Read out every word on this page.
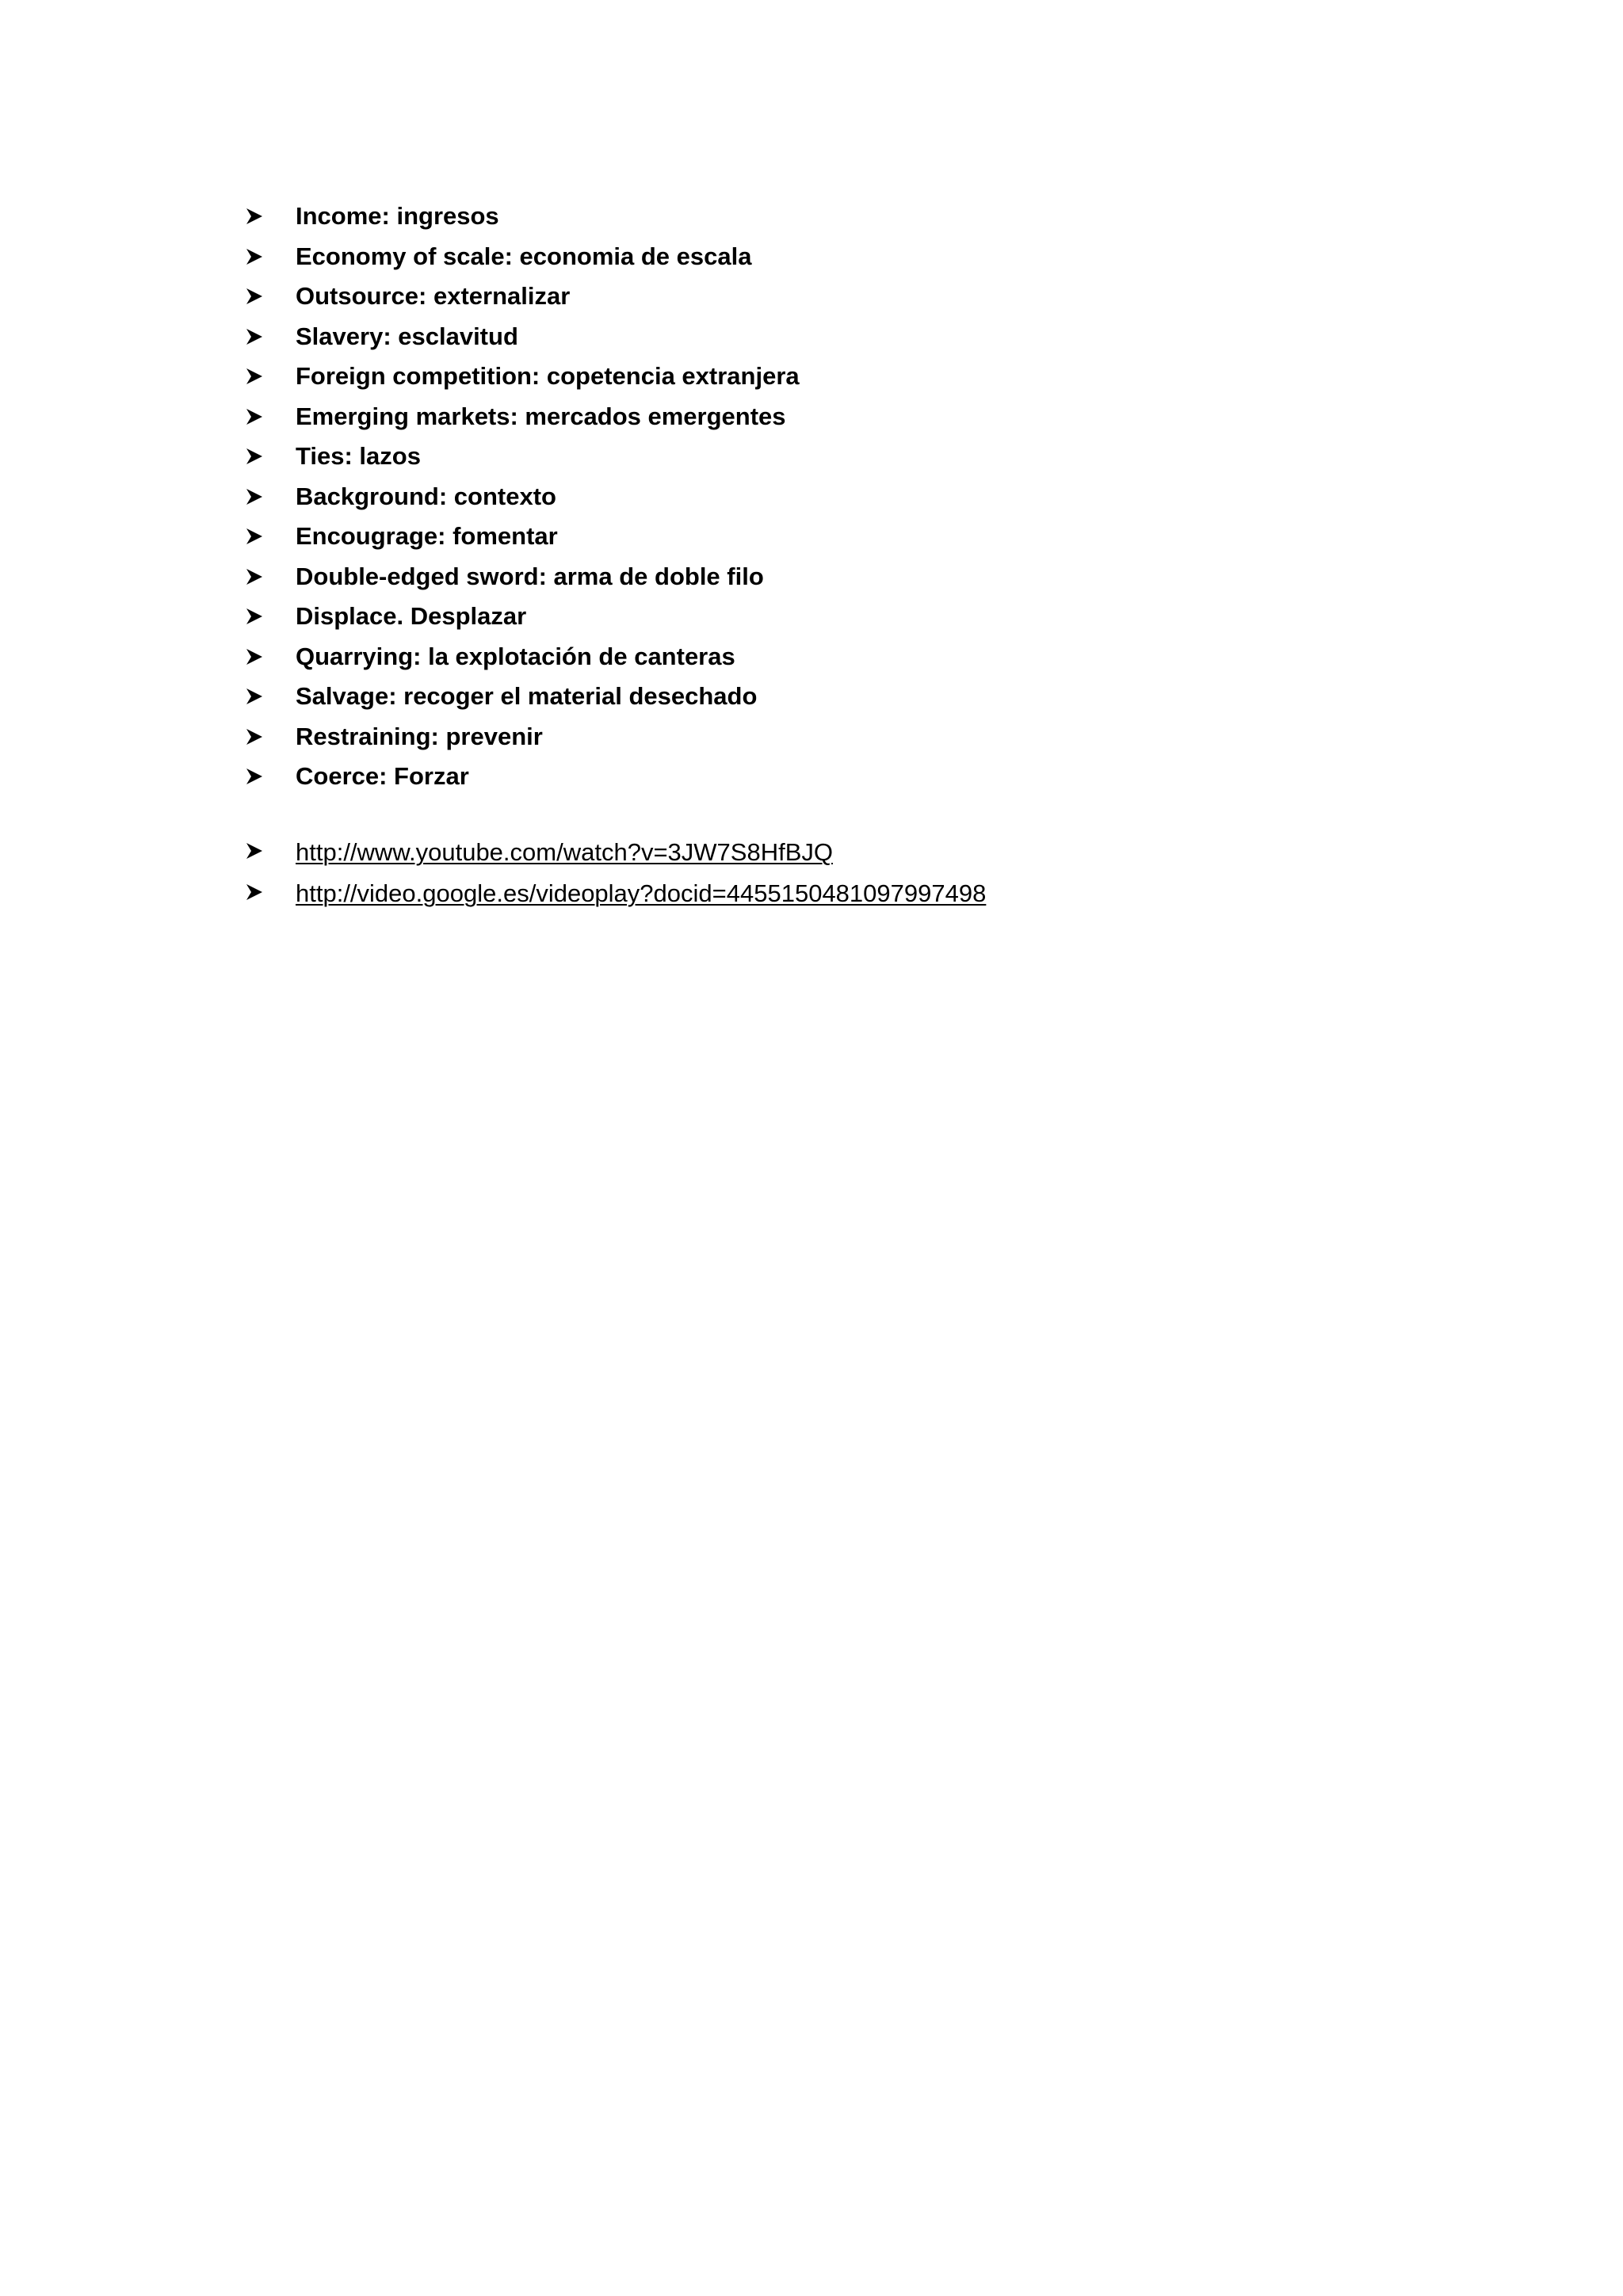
Income: ingresos
Economy of scale: economia de escala
Outsource: externalizar
Slavery: esclavitud
Foreign competition: copetencia extranjera
Emerging markets: mercados emergentes
Ties: lazos
Background: contexto
Encougrage: fomentar
Double-edged sword: arma de doble filo
Displace. Desplazar
Quarrying: la explotación de canteras
Salvage: recoger el material desechado
Restraining: prevenir
Coerce: Forzar
http://www.youtube.com/watch?v=3JW7S8HfBJQ
http://video.google.es/videoplay?docid=4455150481097997498
